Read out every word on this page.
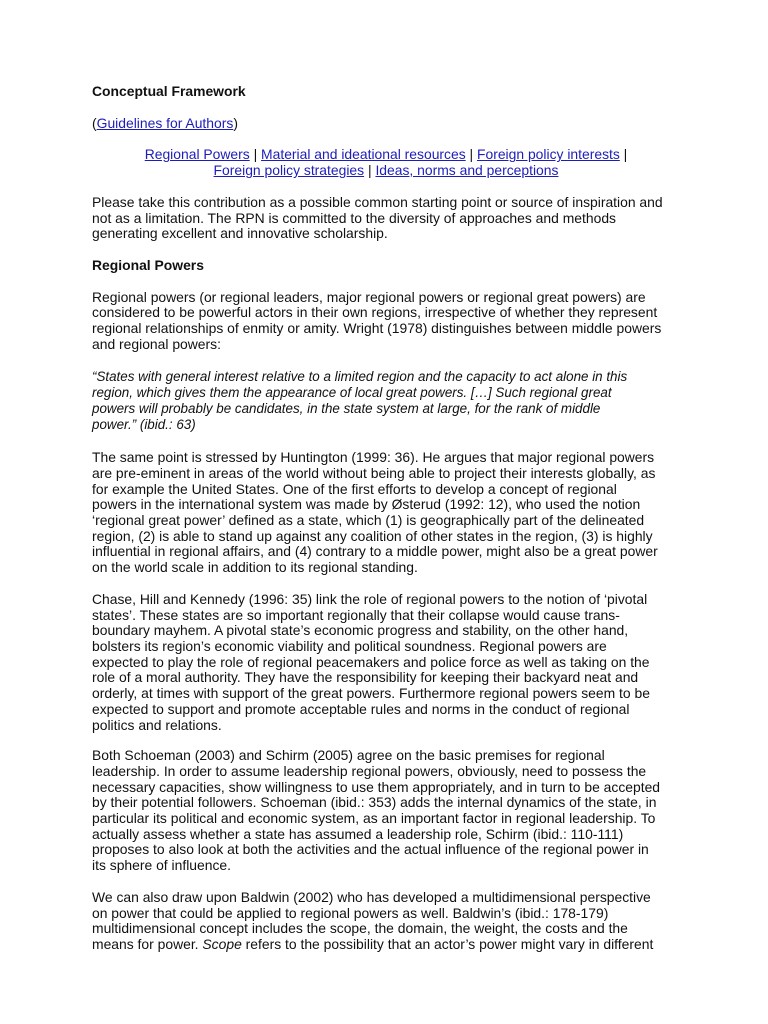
Conceptual Framework

(Guidelines for Authors)

Regional Powers | Material and ideational resources | Foreign policy interests |
Foreign policy strategies | Ideas, norms and perceptions
Please take this contribution as a possible common starting point or source of inspiration and
not as a limitation. The RPN is committed to the diversity of approaches and methods
generating excellent and innovative scholarship.

Regional Powers

Regional powers (or regional leaders, major regional powers or regional great powers) are
considered to be powerful actors in their own regions, irrespective of whether they represent
regional relationships of enmity or amity. Wright (1978) distinguishes between middle powers
and regional powers:
“States with general interest relative to a limited region and the capacity to act alone in this
region, which gives them the appearance of local great powers. […] Such regional great
powers will probably be candidates, in the state system at large, for the rank of middle
power.” (ibid.: 63)
The same point is stressed by Huntington (1999: 36). He argues that major regional powers
are pre-eminent in areas of the world without being able to project their interests globally, as
for example the United States. One of the first efforts to develop a concept of regional
powers in the international system was made by Østerud (1992: 12), who used the notion
‘regional great power’ defined as a state, which (1) is geographically part of the delineated
region, (2) is able to stand up against any coalition of other states in the region, (3) is highly
influential in regional affairs, and (4) contrary to a middle power, might also be a great power
on the world scale in addition to its regional standing.
Chase, Hill and Kennedy (1996: 35) link the role of regional powers to the notion of ‘pivotal
states’. These states are so important regionally that their collapse would cause trans-
boundary mayhem. A pivotal state’s economic progress and stability, on the other hand,
bolsters its region’s economic viability and political soundness. Regional powers are
expected to play the role of regional peacemakers and police force as well as taking on the
role of a moral authority. They have the responsibility for keeping their backyard neat and
orderly, at times with support of the great powers. Furthermore regional powers seem to be
expected to support and promote acceptable rules and norms in the conduct of regional
politics and relations.
Both Schoeman (2003) and Schirm (2005) agree on the basic premises for regional
leadership. In order to assume leadership regional powers, obviously, need to possess the
necessary capacities, show willingness to use them appropriately, and in turn to be accepted
by their potential followers. Schoeman (ibid.: 353) adds the internal dynamics of the state, in
particular its political and economic system, as an important factor in regional leadership. To
actually assess whether a state has assumed a leadership role, Schirm (ibid.: 110-111)
proposes to also look at both the activities and the actual influence of the regional power in
its sphere of influence.
We can also draw upon Baldwin (2002) who has developed a multidimensional perspective
on power that could be applied to regional powers as well. Baldwin’s (ibid.: 178-179)
multidimensional concept includes the scope, the domain, the weight, the costs and the
means for power. Scope refers to the possibility that an actor’s power might vary in different
